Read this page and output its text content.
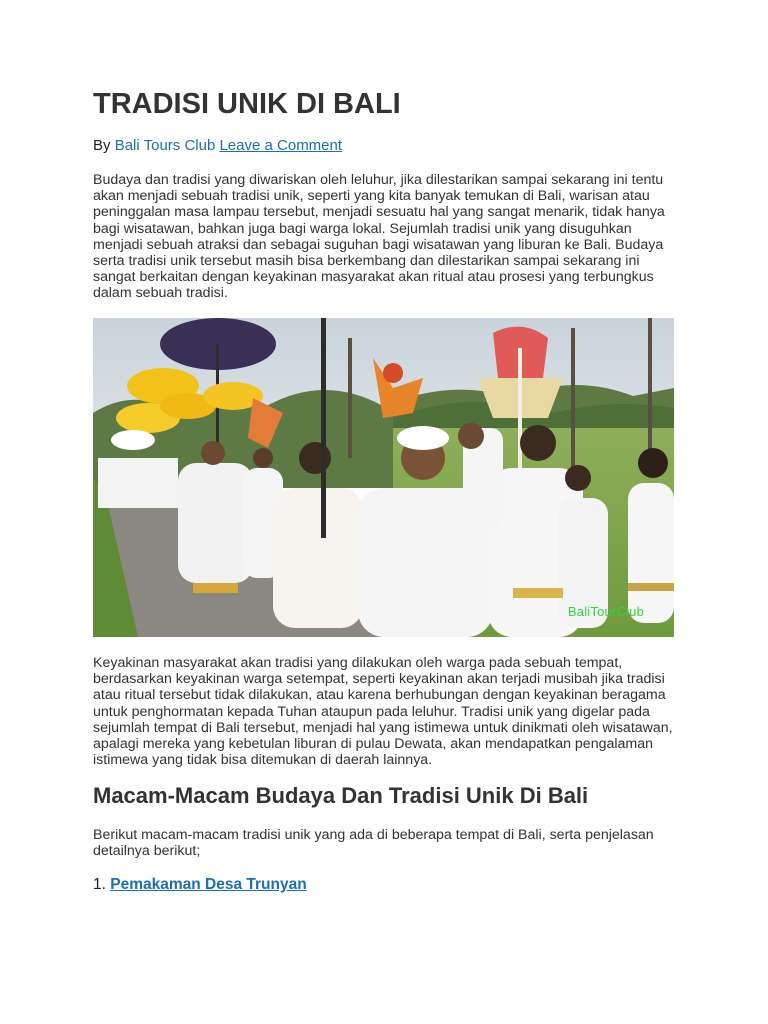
TRADISI UNIK DI BALI
By Bali Tours Club Leave a Comment

Budaya dan tradisi yang diwariskan oleh leluhur, jika dilestarikan sampai sekarang ini tentu akan menjadi sebuah tradisi unik, seperti yang kita banyak temukan di Bali, warisan atau peninggalan masa lampau tersebut, menjadi sesuatu hal yang sangat menarik, tidak hanya bagi wisatawan, bahkan juga bagi warga lokal. Sejumlah tradisi unik yang disuguhkan menjadi sebuah atraksi dan sebagai suguhan bagi wisatawan yang liburan ke Bali. Budaya serta tradisi unik tersebut masih bisa berkembang dan dilestarikan sampai sekarang ini sangat berkaitan dengan keyakinan masyarakat akan ritual atau prosesi yang terbungkus dalam sebuah tradisi.

BaliTourClub

Keyakinan masyarakat akan tradisi yang dilakukan oleh warga pada sebuah tempat, berdasarkan keyakinan warga setempat, seperti keyakinan akan terjadi musibah jika tradisi atau ritual tersebut tidak dilakukan, atau karena berhubungan dengan keyakinan beragama untuk penghormatan kepada Tuhan ataupun pada leluhur. Tradisi unik yang digelar pada sejumlah tempat di Bali tersebut, menjadi hal yang istimewa untuk dinikmati oleh wisatawan, apalagi mereka yang kebetulan liburan di pulau Dewata, akan mendapatkan pengalaman istimewa yang tidak bisa ditemukan di daerah lainnya.

Macam-Macam Budaya Dan Tradisi Unik Di Bali

Berikut macam-macam tradisi unik yang ada di beberapa tempat di Bali, serta penjelasan detailnya berikut;

1. Pemakaman Desa Trunyan
